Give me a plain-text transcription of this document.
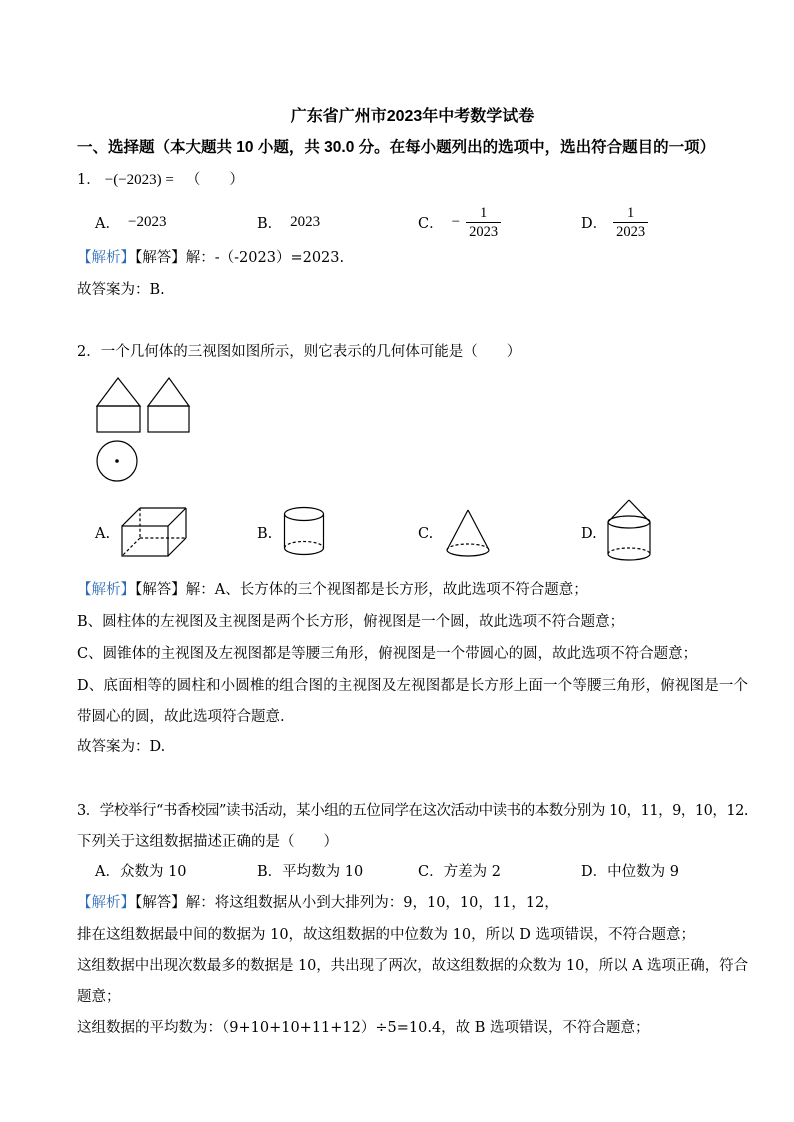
广东省广州市2023年中考数学试卷
一、选择题（本大题共 10 小题，共 30.0 分。在每小题列出的选项中，选出符合题目的一项）
1． −(−2023) = （　　）
A． −2023	B． 2023	C． − $\frac{1}{2023}$	D． $\frac{1}{2023}$
【解析】【解答】解：-（-2023）=2023.
故答案为：B.
2．一个几何体的三视图如图所示，则它表示的几何体可能是（　　）
A.	B.	C.	D.
【解析】【解答】解：A、长方体的三个视图都是长方形，故此选项不符合题意；
B、圆柱体的左视图及主视图是两个长方形，俯视图是一个圆，故此选项不符合题意；
C、圆锥体的主视图及左视图都是等腰三角形，俯视图是一个带圆心的圆，故此选项不符合题意；
D、底面相等的圆柱和小圆椎的组合图的主视图及左视图都是长方形上面一个等腰三角形，俯视图是一个
带圆心的圆，故此选项符合题意.
故答案为：D.
3．学校举行“书香校园”读书活动，某小组的五位同学在这次活动中读书的本数分别为 10，11，9，10，12.
下列关于这组数据描述正确的是（　　）
A．众数为 10	B．平均数为 10	C．方差为 2	D．中位数为 9
【解析】【解答】解：将这组数据从小到大排列为：9，10，10，11，12，
排在这组数据最中间的数据为 10，故这组数据的中位数为 10，所以 D 选项错误，不符合题意；
这组数据中出现次数最多的数据是 10，共出现了两次，故这组数据的众数为 10，所以 A 选项正确，符合
题意；
这组数据的平均数为：（9+10+10+11+12）÷5=10.4，故 B 选项错误，不符合题意；
